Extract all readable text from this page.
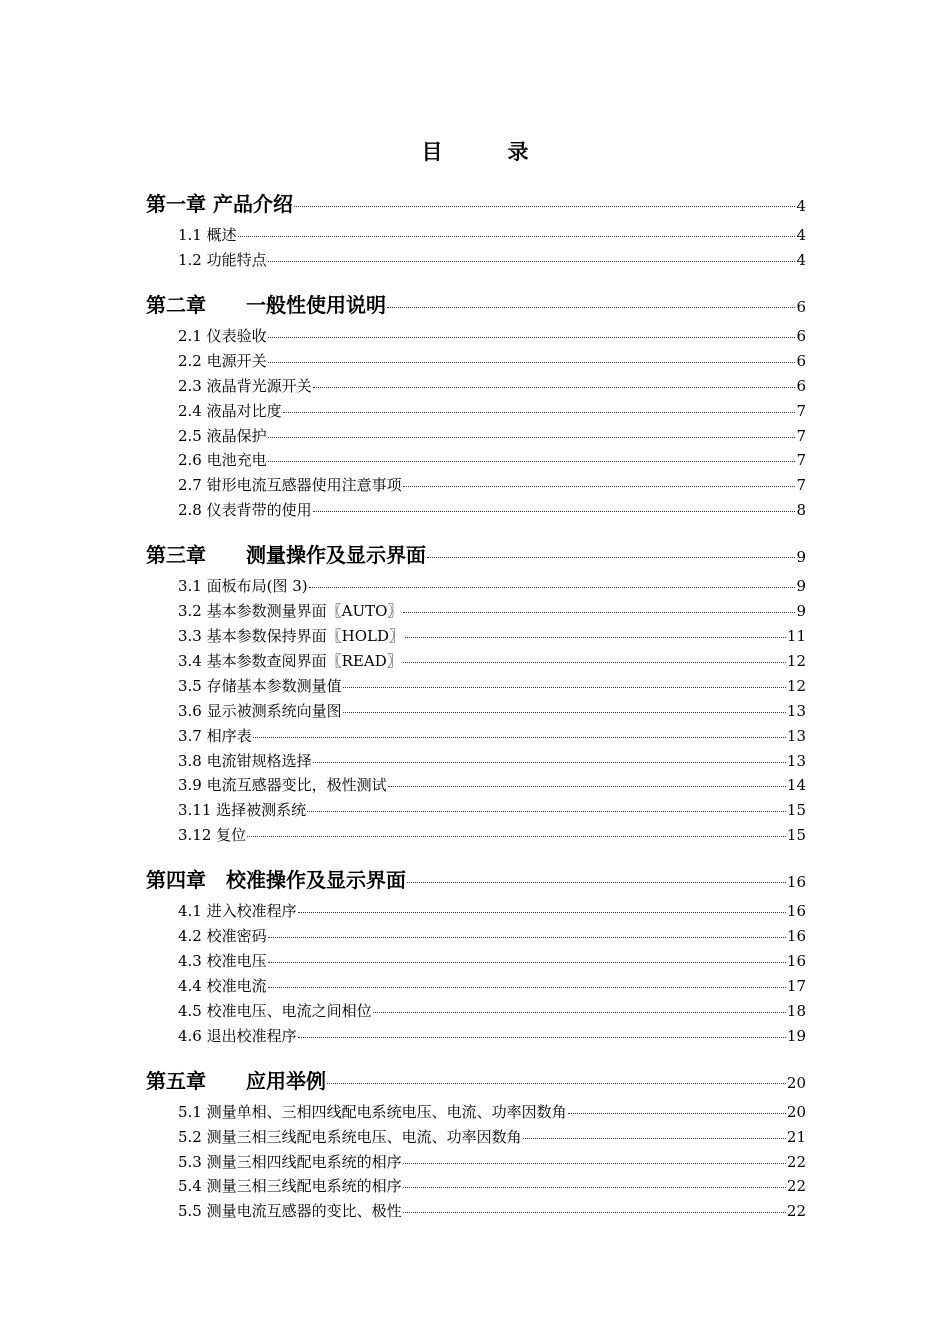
目　录
第一章 产品介绍	4
1.1 概述	4
1.2 功能特点	4
第二章　　一般性使用说明	6
2.1 仪表验收	6
2.2 电源开关	6
2.3 液晶背光源开关	6
2.4 液晶对比度	7
2.5 液晶保护	7
2.6 电池充电	7
2.7 钳形电流互感器使用注意事项	7
2.8 仪表背带的使用	8
第三章　　测量操作及显示界面	9
3.1 面板布局(图 3)	9
3.2 基本参数测量界面〖AUTO〗	9
3.3 基本参数保持界面〖HOLD〗	11
3.4 基本参数查阅界面〖READ〗	12
3.5 存储基本参数测量值	12
3.6 显示被测系统向量图	13
3.7 相序表	13
3.8 电流钳规格选择	13
3.9 电流互感器变比，极性测试	14
3.11 选择被测系统	15
3.12 复位	15
第四章　校准操作及显示界面	16
4.1 进入校准程序	16
4.2 校准密码	16
4.3 校准电压	16
4.4 校准电流	17
4.5 校准电压、电流之间相位	18
4.6 退出校准程序	19
第五章　　应用举例	20
5.1 测量单相、三相四线配电系统电压、电流、功率因数角	20
5.2 测量三相三线配电系统电压、电流、功率因数角	21
5.3 测量三相四线配电系统的相序	22
5.4 测量三相三线配电系统的相序	22
5.5 测量电流互感器的变比、极性	22
